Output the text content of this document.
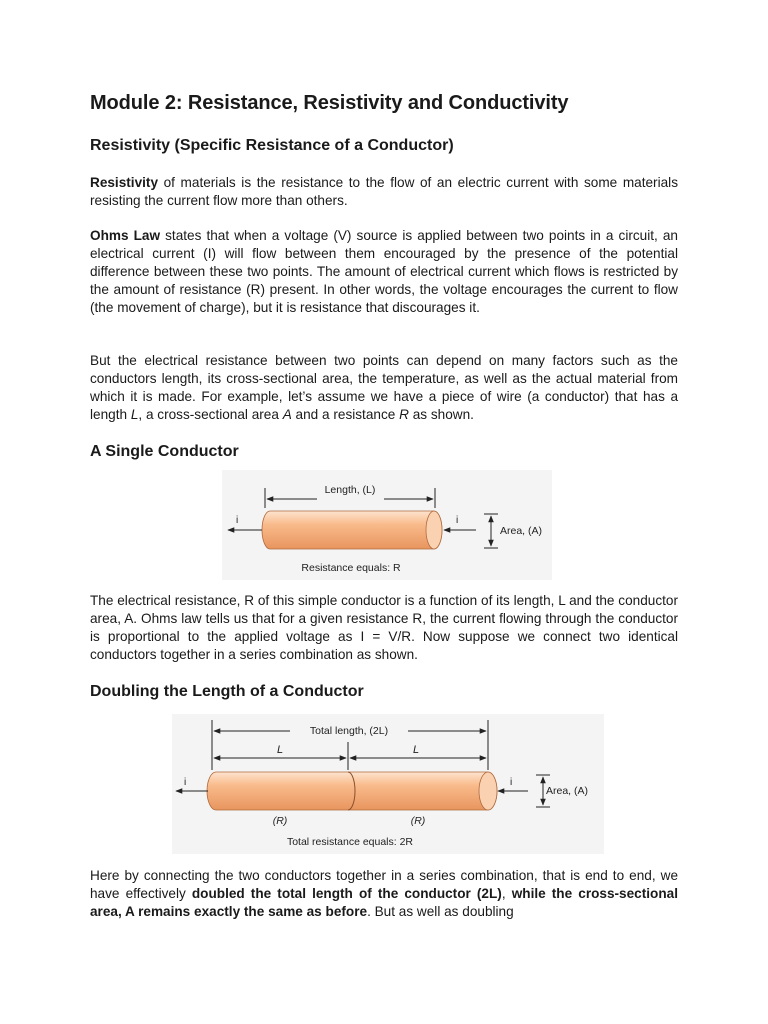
Module 2: Resistance, Resistivity and Conductivity
Resistivity (Specific Resistance of a Conductor)

Resistivity of materials is the resistance to the flow of an electric current with some materials resisting the current flow more than others.

Ohms Law states that when a voltage (V) source is applied between two points in a circuit, an electrical current (I) will flow between them encouraged by the presence of the potential difference between these two points. The amount of electrical current which flows is restricted by the amount of resistance (R) present. In other words, the voltage encourages the current to flow (the movement of charge), but it is resistance that discourages it.

But the electrical resistance between two points can depend on many factors such as the conductors length, its cross-sectional area, the temperature, as well as the actual material from which it is made. For example, let’s assume we have a piece of wire (a conductor) that has a length L, a cross-sectional area A and a resistance R as shown.

A Single Conductor

The electrical resistance, R of this simple conductor is a function of its length, L and the conductor area, A. Ohms law tells us that for a given resistance R, the current flowing through the conductor is proportional to the applied voltage as I = V/R. Now suppose we connect two identical conductors together in a series combination as shown.

Doubling the Length of a Conductor

Here by connecting the two conductors together in a series combination, that is end to end, we have effectively doubled the total length of the conductor (2L), while the cross-sectional area, A remains exactly the same as before. But as well as doubling

Length, (L)
i	i
Area, (A)
Resistance equals: R
Total length, (2L)
L	L
i	i
Area, (A)
(R)	(R)
Total resistance equals: 2R
